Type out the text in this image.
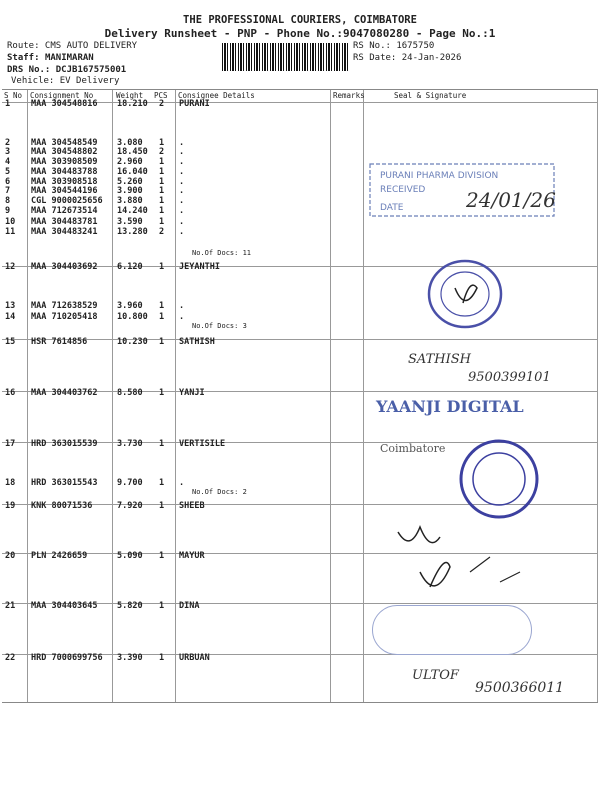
THE PROFESSIONAL COURIERS, COIMBATORE
Delivery Runsheet - PNP - Phone No.:9047080280 - Page No.:1
Route: CMS AUTO DELIVERY
Staff: MANIMARAN
DRS No.: DCJB167575001
Vehicle: EV Delivery
RS No.: 1675750
RS Date: 24-Jan-2026
S No Consignment No	Weight PCS Consignee Details	Remarks	Seal & Signature
1 MAA 304548816 18.210 2 PURANI
2 MAA 304548549 3.080 1 .
3 MAA 304548802 18.450 2 .
4 MAA 303908509 2.960 1 .
5 MAA 304483788 16.040 1 .
6 MAA 303908518 5.260 1 .
7 MAA 304544196 3.900 1 .
8 CGL 9000025656 3.880 1 .
9 MAA 712673514 14.240 1 .
10 MAA 304483781 3.590 1 .
11 MAA 304483241 13.280 2 .
No.Of Docs: 11
12 MAA 304403692 6.120 1 JEYANTHI
13 MAA 712638529 3.960 1 .
14 MAA 710205418 10.800 1 .
No.Of Docs: 3
15 HSR 7614856	10.230 1 SATHISH
16 MAA 304403762 8.580 1 YANJI
17 HRD 363015539 3.730 1 VERTISILE
18 HRD 363015543 9.700 1 .
No.Of Docs: 2
19 KNK 80071536	7.920 1 SHEEB
20 PLN 2426659	5.090 1 MAYUR
21 MAA 304403645 5.820 1 DINA
22 HRD 7000699756 3.390 1 URBUAN
PURANI PHARMA DIVISION
RECEIVED
DATE	24/01/26
SATHISH
9500399101
YAANJI DIGITAL
Coimbatore
ULTOF
9500366011
